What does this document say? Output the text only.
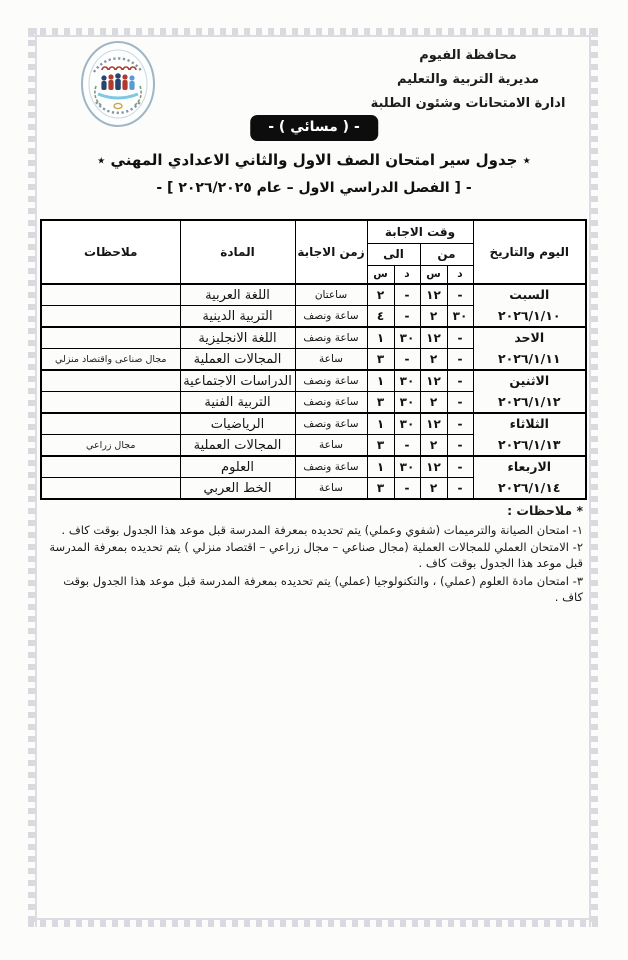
محافظة الفيوم
مديرية التربية والتعليم
ادارة الامتحانات وشئون الطلبة
- ( مسائي ) -
٭ جدول سير امتحان الصف الاول والثاني الاعدادي المهني ٭
- [ الفصل الدراسي الاول – عام ٢٠٢٦/٢٠٢٥ ] -
اليوم والتاريخ	وقت الاجابة				زمن الاجابة	المادة	ملاحظات
	من		الى				
	د	س	د	س			

السبت
٢٠٢٦/١/١٠	-	١٢	-	٢	ساعتان	اللغة العربية	
	٣٠	٢	-	٤	ساعة ونصف	التربية الدينية	

الاحد
٢٠٢٦/١/١١	-	١٢	٣٠	١	ساعة ونصف	اللغة الانجليزية	
	-	٢	-	٣	ساعة	المجالات العملية	مجال صناعى واقتصاد منزلي

الاثنين
٢٠٢٦/١/١٢	-	١٢	٣٠	١	ساعة ونصف	الدراسات الاجتماعية	
	-	٢	٣٠	٣	ساعة ونصف	التربية الفنية	

الثلاثاء
٢٠٢٦/١/١٣	-	١٢	٣٠	١	ساعة ونصف	الرياضيات	
	-	٢	-	٣	ساعة	المجالات العملية	مجال زراعي

الاربعاء
٢٠٢٦/١/١٤	-	١٢	٣٠	١	ساعة ونصف	العلوم	
	-	٢	-	٣	ساعة	الخط العربي	
* ملاحظات :
١- امتحان الصيانة والترميمات (شفوي وعملي) يتم تحديده بمعرفة المدرسة قبل موعد هذا الجدول بوقت كاف .
٢- الامتحان العملي للمجالات العملية (مجال صناعي – مجال زراعي – اقتصاد منزلي ) يتم تحديده بمعرفة المدرسة قبل موعد هذا الجدول بوقت كاف .
٣- امتحان مادة العلوم (عملي) ، والتكنولوجيا (عملي) يتم تحديده بمعرفة المدرسة قبل موعد هذا الجدول بوقت كاف .
